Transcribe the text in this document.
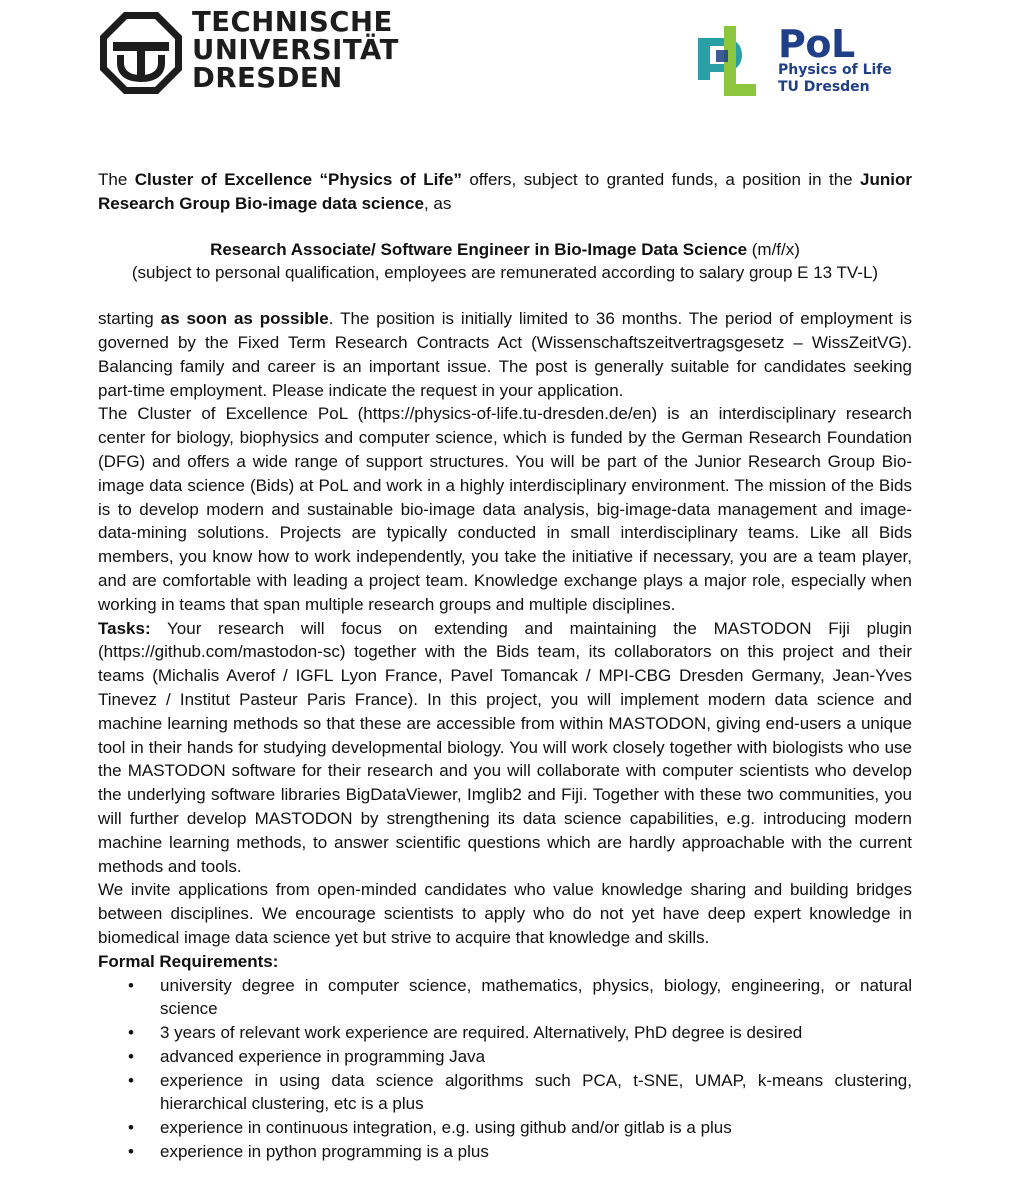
TECHNISCHE
UNIVERSITÄT
DRESDEN
PoL
Physics of Life
TU Dresden

The Cluster of Excellence “Physics of Life” offers, subject to granted funds, a position in the Junior Research Group Bio-image data science, as

Research Associate/ Software Engineer in Bio-Image Data Science (m/f/x)
(subject to personal qualification, employees are remunerated according to salary group E 13 TV-L)

starting as soon as possible. The position is initially limited to 36 months. The period of employment is governed by the Fixed Term Research Contracts Act (Wissenschaftszeitvertragsgesetz – WissZeitVG). Balancing family and career is an important issue. The post is generally suitable for candidates seeking part-time employment. Please indicate the request in your application.

The Cluster of Excellence PoL (https://physics-of-life.tu-dresden.de/en) is an interdisciplinary research center for biology, biophysics and computer science, which is funded by the German Research Foundation (DFG) and offers a wide range of support structures. You will be part of the Junior Research Group Bio-image data science (Bids) at PoL and work in a highly interdisciplinary environment. The mission of the Bids is to develop modern and sustainable bio-image data analysis, big-image-data management and image-data-mining solutions. Projects are typically conducted in small interdisciplinary teams. Like all Bids members, you know how to work independently, you take the initiative if necessary, you are a team player, and are comfortable with leading a project team. Knowledge exchange plays a major role, especially when working in teams that span multiple research groups and multiple disciplines.

Tasks: Your research will focus on extending and maintaining the MASTODON Fiji plugin (https://github.com/mastodon-sc) together with the Bids team, its collaborators on this project and their teams (Michalis Averof / IGFL Lyon France, Pavel Tomancak / MPI-CBG Dresden Germany, Jean-Yves Tinevez / Institut Pasteur Paris France). In this project, you will implement modern data science and machine learning methods so that these are accessible from within MASTODON, giving end-users a unique tool in their hands for studying developmental biology. You will work closely together with biologists who use the MASTODON software for their research and you will collaborate with computer scientists who develop the underlying software libraries BigDataViewer, Imglib2 and Fiji. Together with these two communities, you will further develop MASTODON by strengthening its data science capabilities, e.g. introducing modern machine learning methods, to answer scientific questions which are hardly approachable with the current methods and tools.

We invite applications from open-minded candidates who value knowledge sharing and building bridges between disciplines. We encourage scientists to apply who do not yet have deep expert knowledge in biomedical image data science yet but strive to acquire that knowledge and skills.

Formal Requirements:

• university degree in computer science, mathematics, physics, biology, engineering, or natural science
• 3 years of relevant work experience are required. Alternatively, PhD degree is desired
• advanced experience in programming Java
• experience in using data science algorithms such PCA, t-SNE, UMAP, k-means clustering, hierarchical clustering, etc is a plus
• experience in continuous integration, e.g. using github and/or gitlab is a plus
• experience in python programming is a plus
